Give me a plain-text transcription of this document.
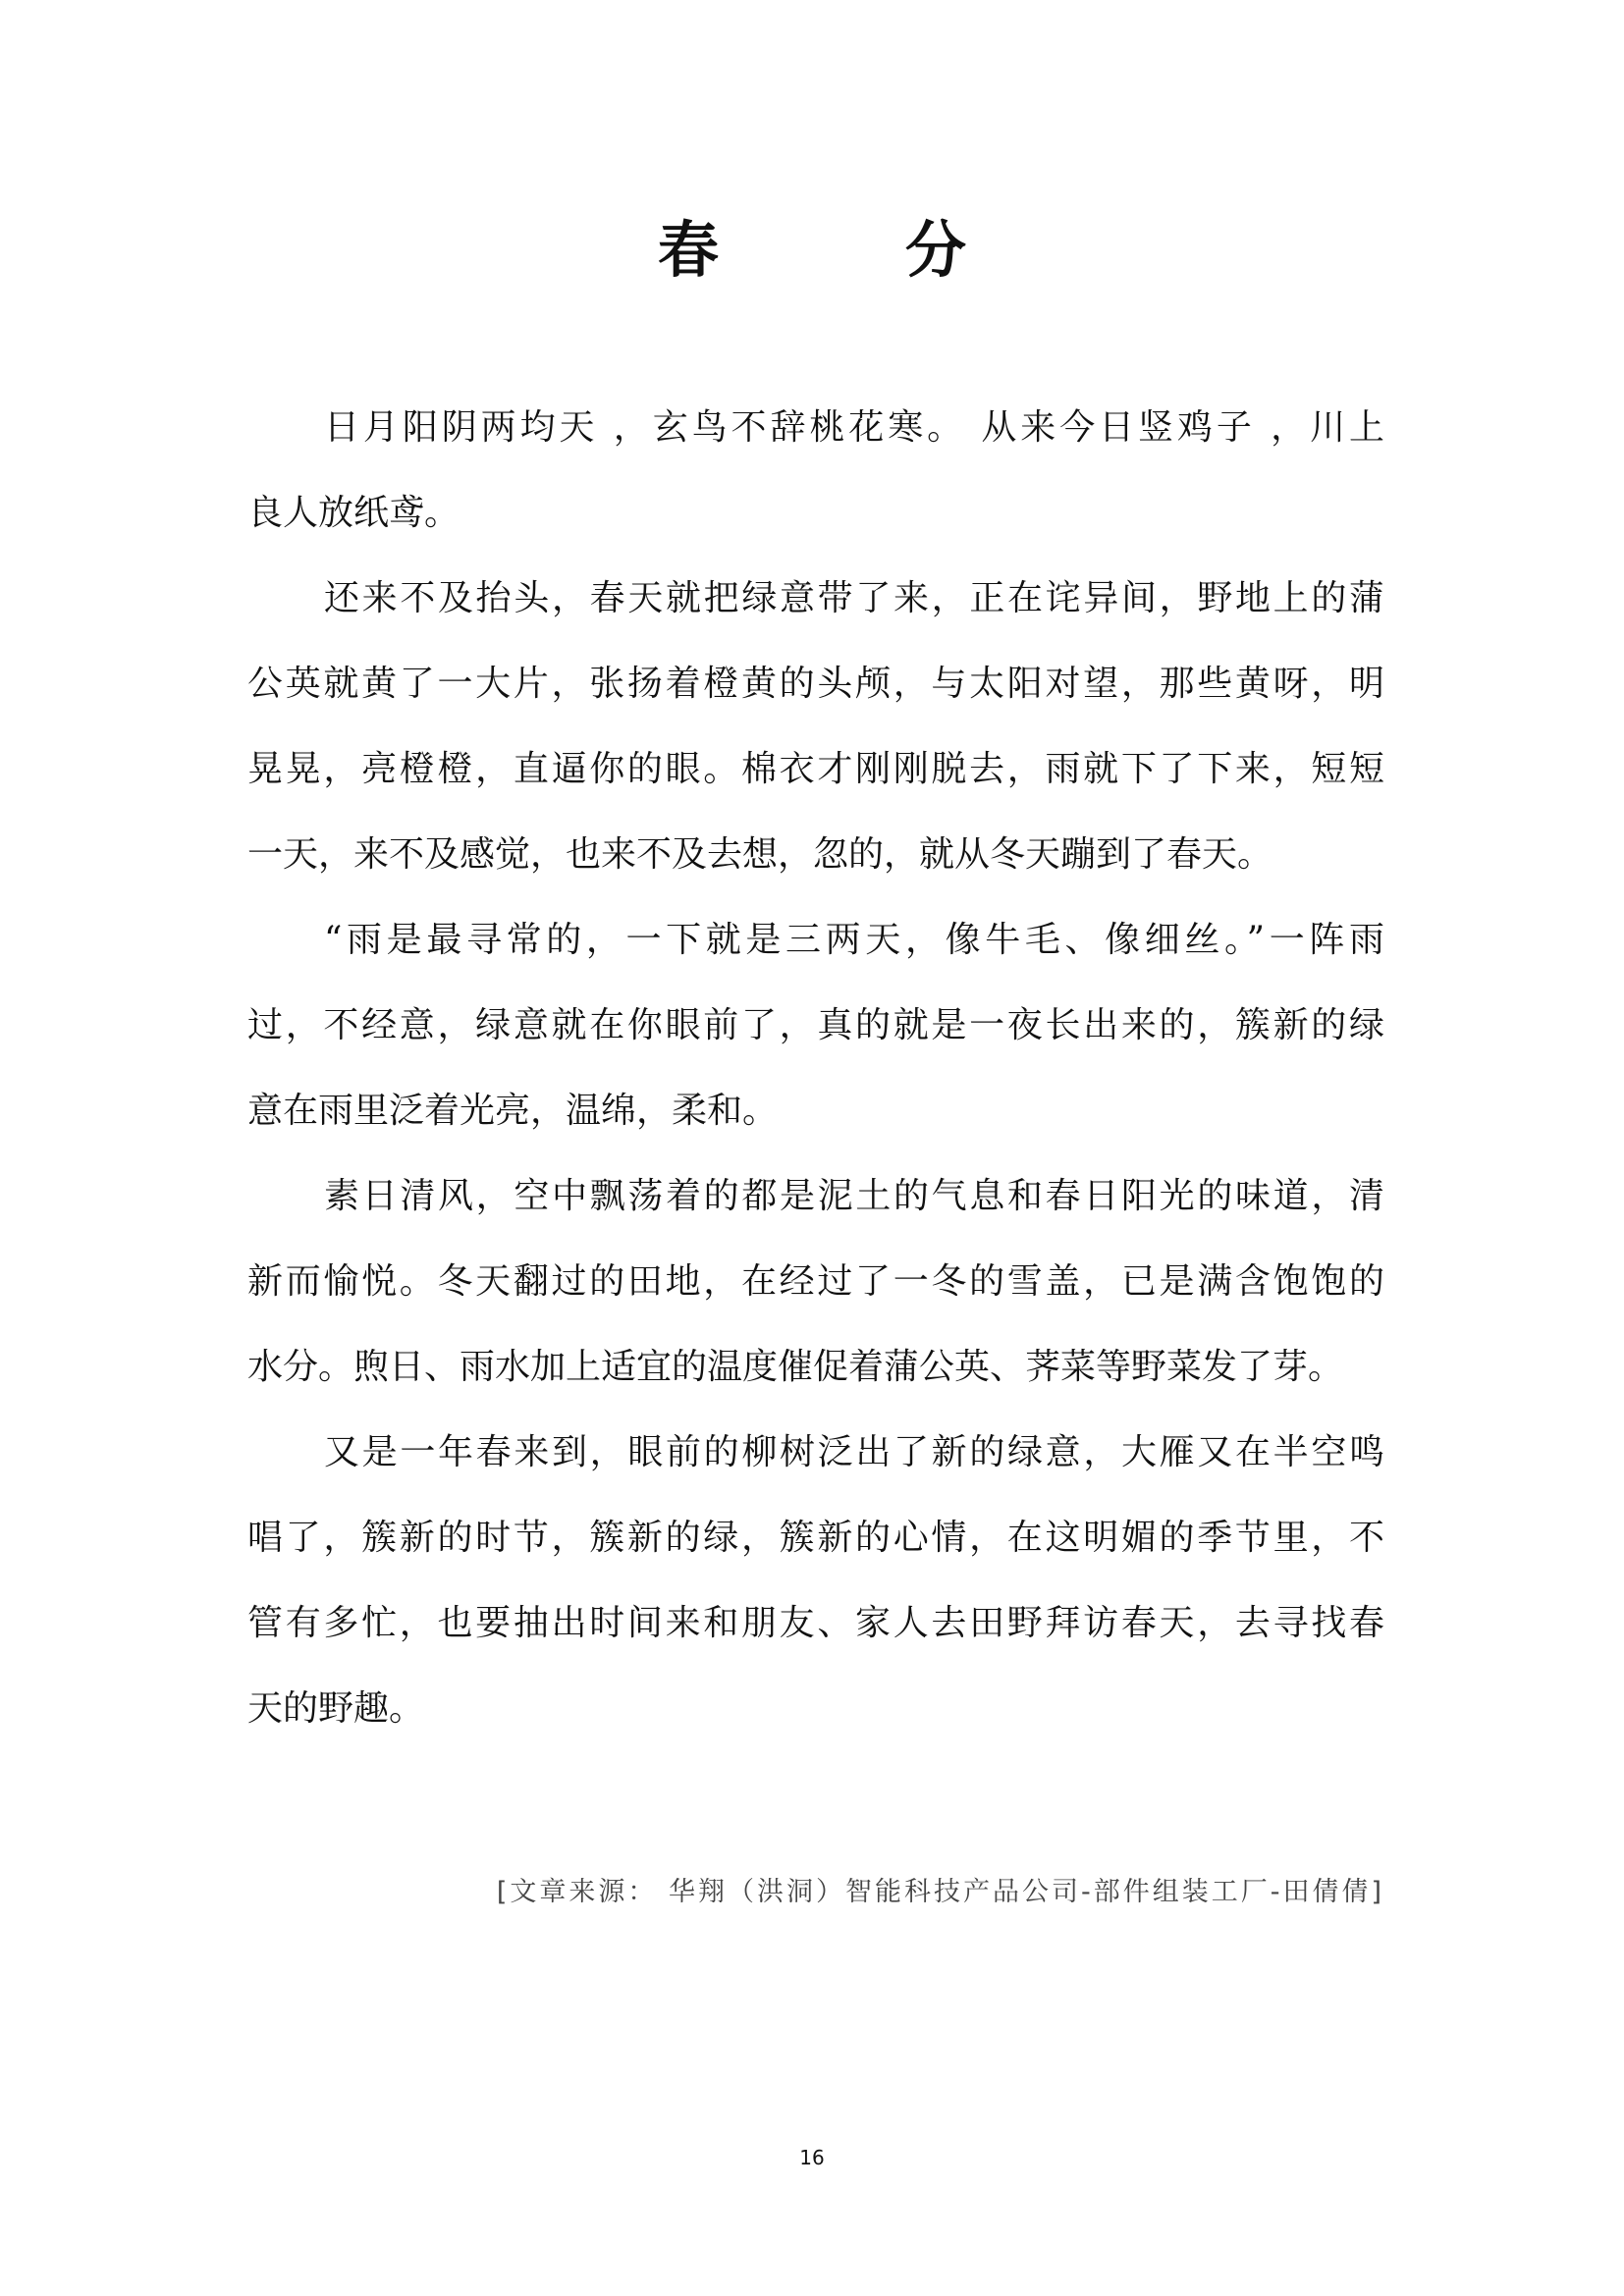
春	分
日月阳阴两均天 ，玄鸟不辞桃花寒。 从来今日竖鸡子 ，川上
良人放纸鸢。
还来不及抬头，春天就把绿意带了来，正在诧异间，野地上的蒲
公英就黄了一大片，张扬着橙黄的头颅，与太阳对望，那些黄呀，明
晃晃，亮橙橙，直逼你的眼。棉衣才刚刚脱去，雨就下了下来，短短
一天，来不及感觉，也来不及去想，忽的，就从冬天蹦到了春天。
“雨是最寻常的，一下就是三两天，像牛毛、像细丝。”一阵雨
过，不经意，绿意就在你眼前了，真的就是一夜长出来的，簇新的绿
意在雨里泛着光亮，温绵，柔和。
素日清风，空中飘荡着的都是泥土的气息和春日阳光的味道，清
新而愉悦。冬天翻过的田地，在经过了一冬的雪盖，已是满含饱饱的
水分。煦日、雨水加上适宜的温度催促着蒲公英、荠菜等野菜发了芽。
又是一年春来到，眼前的柳树泛出了新的绿意，大雁又在半空鸣
唱了，簇新的时节，簇新的绿，簇新的心情，在这明媚的季节里，不
管有多忙，也要抽出时间来和朋友、家人去田野拜访春天，去寻找春
天的野趣。
[文章来源： 华翔（洪洞）智能科技产品公司-部件组装工厂-田倩倩]
16
